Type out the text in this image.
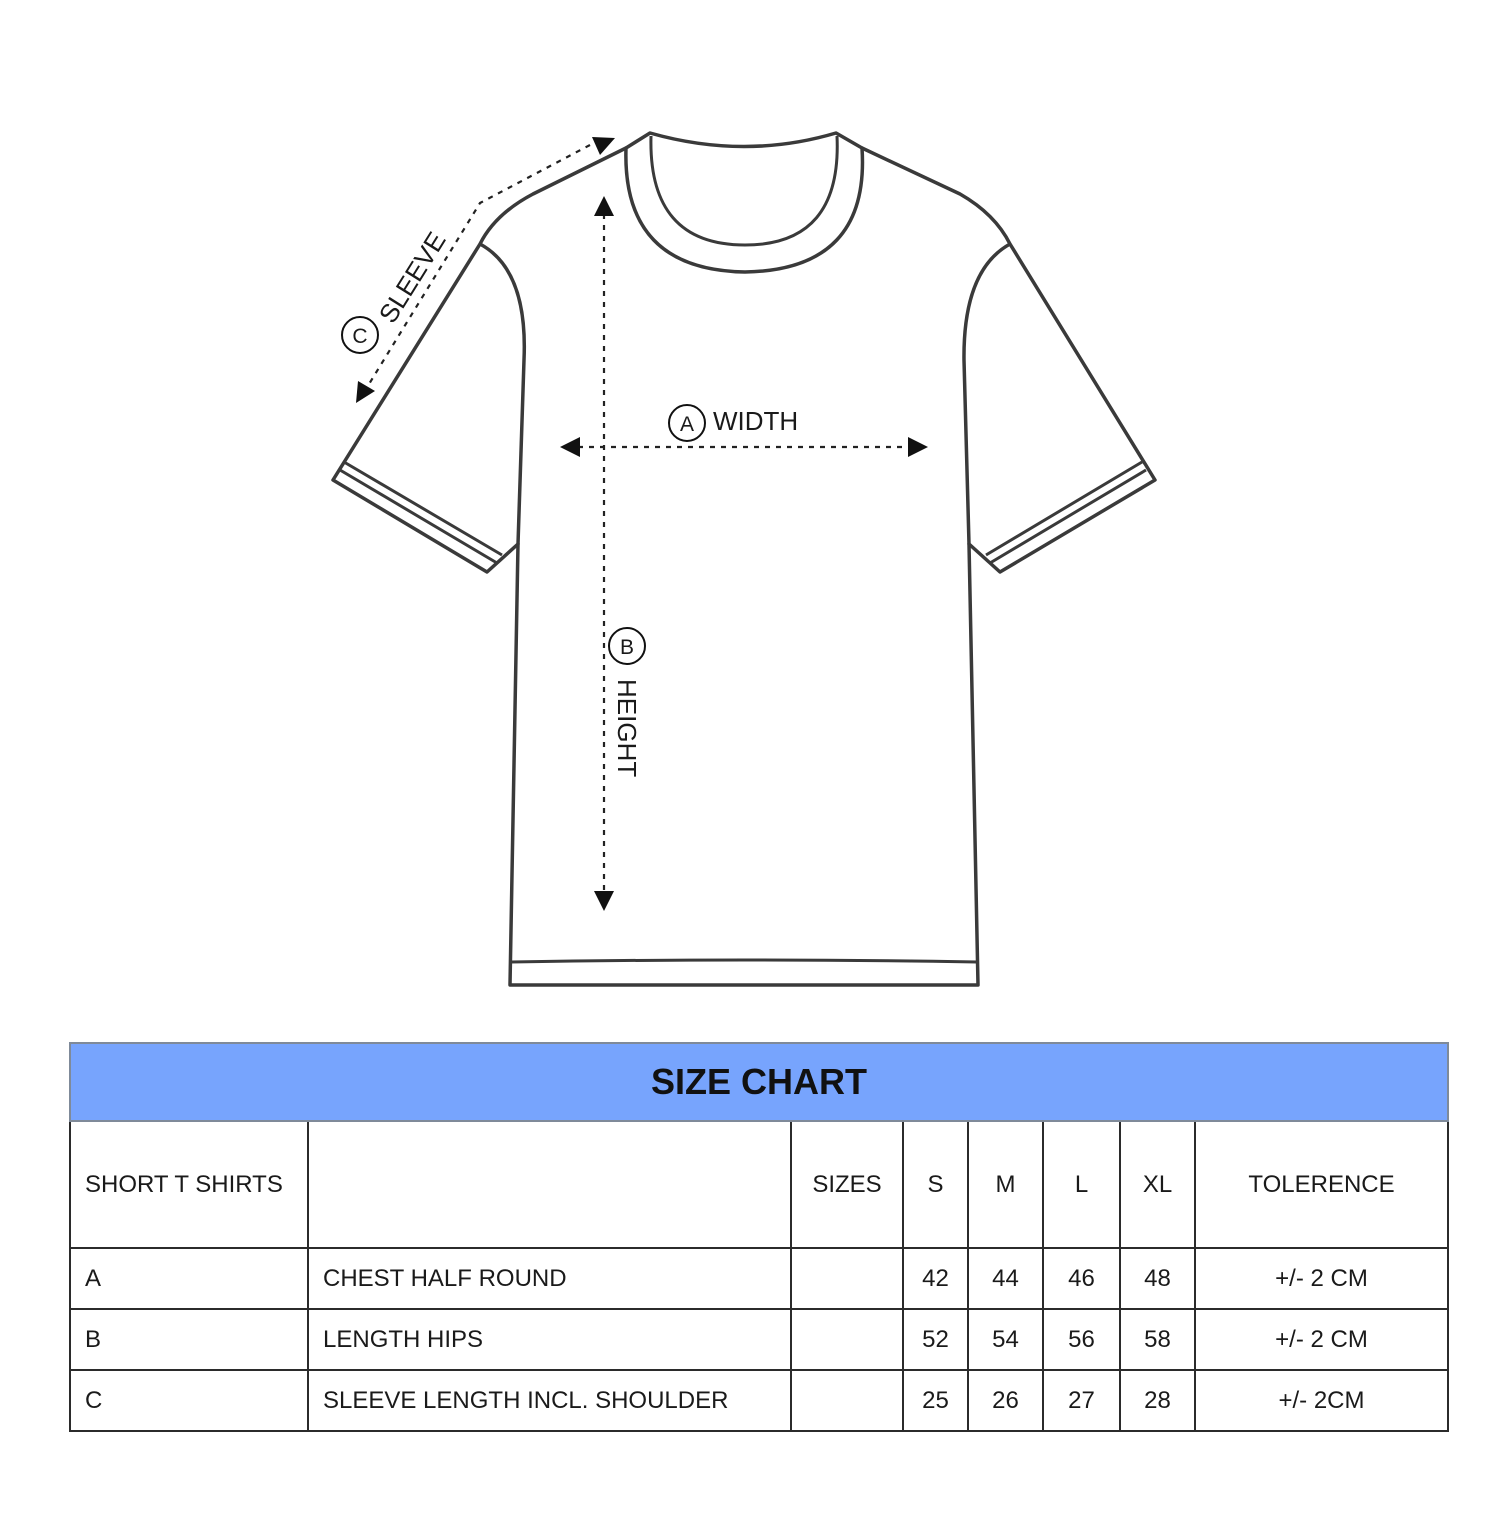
A WIDTH
B
HEIGHT
C
SLEEVE
SIZE CHART							
SHORT T SHIRTS		SIZES	S	M	L	XL	TOLERENCE
A	CHEST HALF ROUND		42	44	46	48	+/- 2 CM
B	LENGTH HIPS		52	54	56	58	+/- 2 CM
C	SLEEVE LENGTH INCL. SHOULDER		25	26	27	28	+/- 2CM
